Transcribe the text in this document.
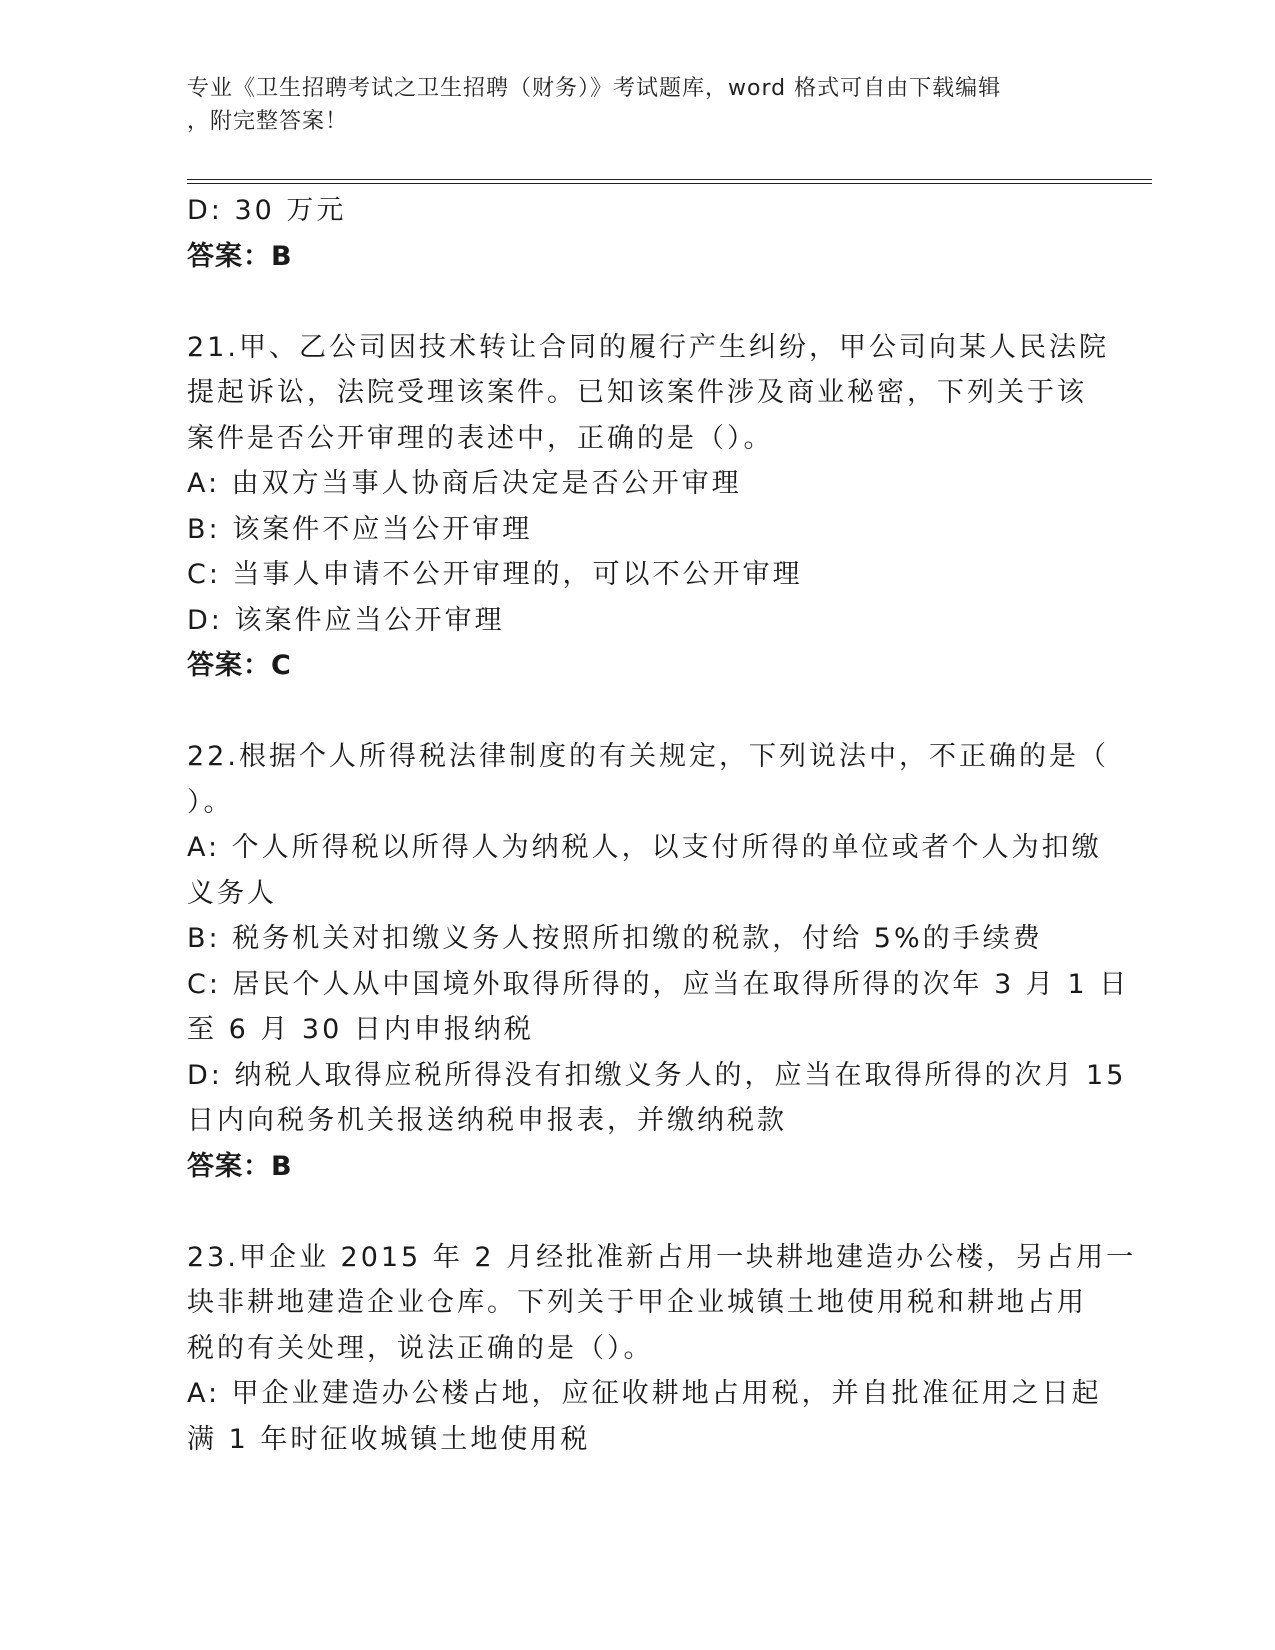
专业《卫生招聘考试之卫生招聘（财务）》考试题库，word 格式可自由下载编辑
，附完整答案！
D: 30 万元
答案：B
21.甲、乙公司因技术转让合同的履行产生纠纷，甲公司向某人民法院
提起诉讼，法院受理该案件。已知该案件涉及商业秘密，下列关于该
案件是否公开审理的表述中，正确的是（）。
A: 由双方当事人协商后决定是否公开审理
B: 该案件不应当公开审理
C: 当事人申请不公开审理的，可以不公开审理
D: 该案件应当公开审理
答案：C
22.根据个人所得税法律制度的有关规定，下列说法中，不正确的是（
）。
A: 个人所得税以所得人为纳税人，以支付所得的单位或者个人为扣缴
义务人
B: 税务机关对扣缴义务人按照所扣缴的税款，付给 5%的手续费
C: 居民个人从中国境外取得所得的，应当在取得所得的次年 3 月 1 日
至 6 月 30 日内申报纳税
D: 纳税人取得应税所得没有扣缴义务人的，应当在取得所得的次月 15
日内向税务机关报送纳税申报表，并缴纳税款
答案：B
23.甲企业 2015 年 2 月经批准新占用一块耕地建造办公楼，另占用一
块非耕地建造企业仓库。下列关于甲企业城镇土地使用税和耕地占用
税的有关处理，说法正确的是（）。
A: 甲企业建造办公楼占地，应征收耕地占用税，并自批准征用之日起
满 1 年时征收城镇土地使用税
